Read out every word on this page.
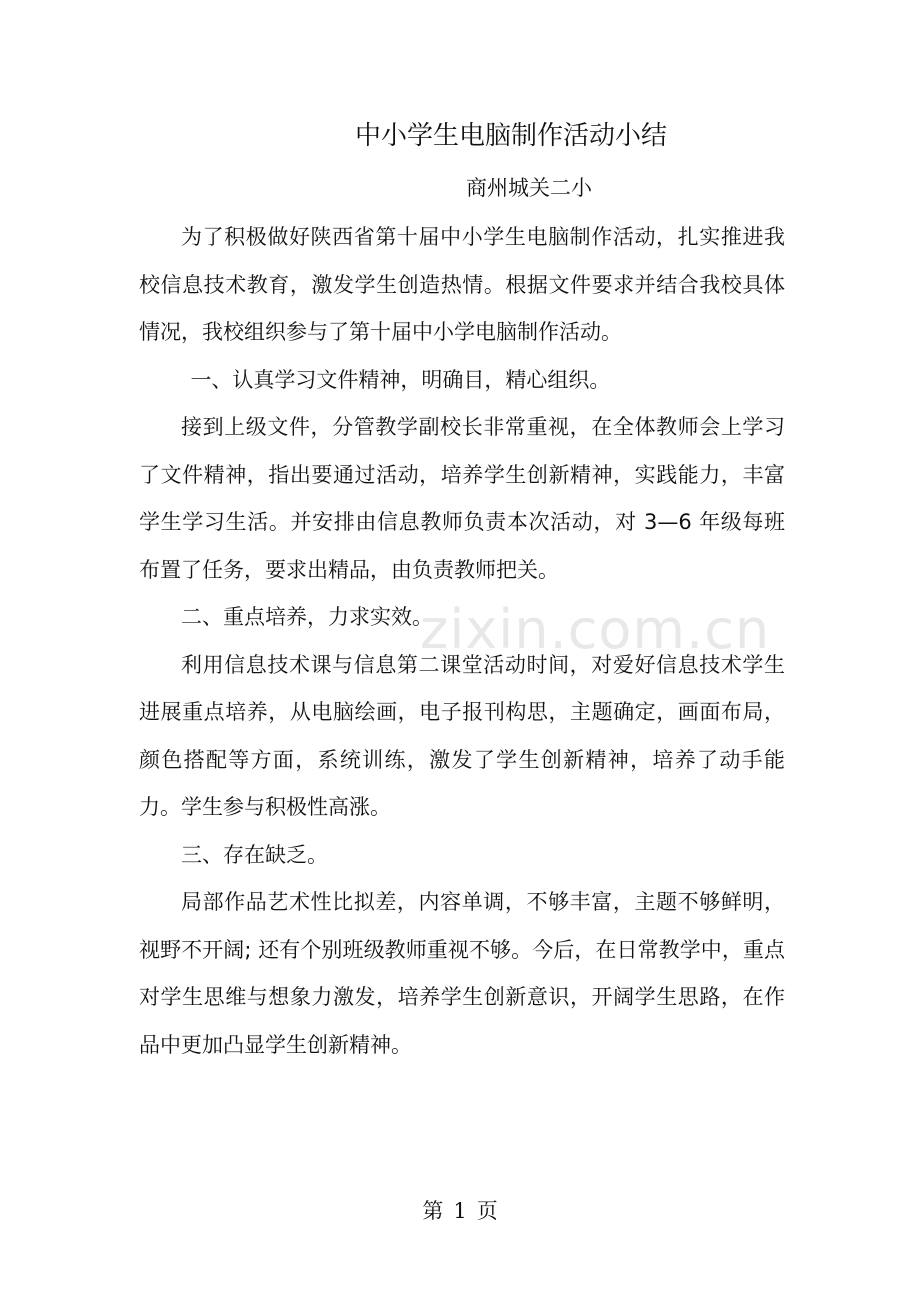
中小学生电脑制作活动小结
商州城关二小

为了积极做好陕西省第十届中小学生电脑制作活动，扎实推进我校信息技术教育，激发学生创造热情。根据文件要求并结合我校具体情况，我校组织参与了第十届中小学电脑制作活动。

一、认真学习文件精神，明确目，精心组织。

接到上级文件，分管教学副校长非常重视，在全体教师会上学习了文件精神，指出要通过活动，培养学生创新精神，实践能力，丰富学生学习生活。并安排由信息教师负责本次活动，对 3—6 年级每班布置了任务，要求出精品，由负责教师把关。

二、重点培养，力求实效。

利用信息技术课与信息第二课堂活动时间，对爱好信息技术学生进展重点培养，从电脑绘画，电子报刊构思，主题确定，画面布局，颜色搭配等方面，系统训练，激发了学生创新精神，培养了动手能力。学生参与积极性高涨。

三、存在缺乏。

局部作品艺术性比拟差，内容单调，不够丰富，主题不够鲜明，视野不开阔; 还有个别班级教师重视不够。今后，在日常教学中，重点对学生思维与想象力激发，培养学生创新意识，开阔学生思路，在作品中更加凸显学生创新精神。

zixin.com.cn
第 1 页
